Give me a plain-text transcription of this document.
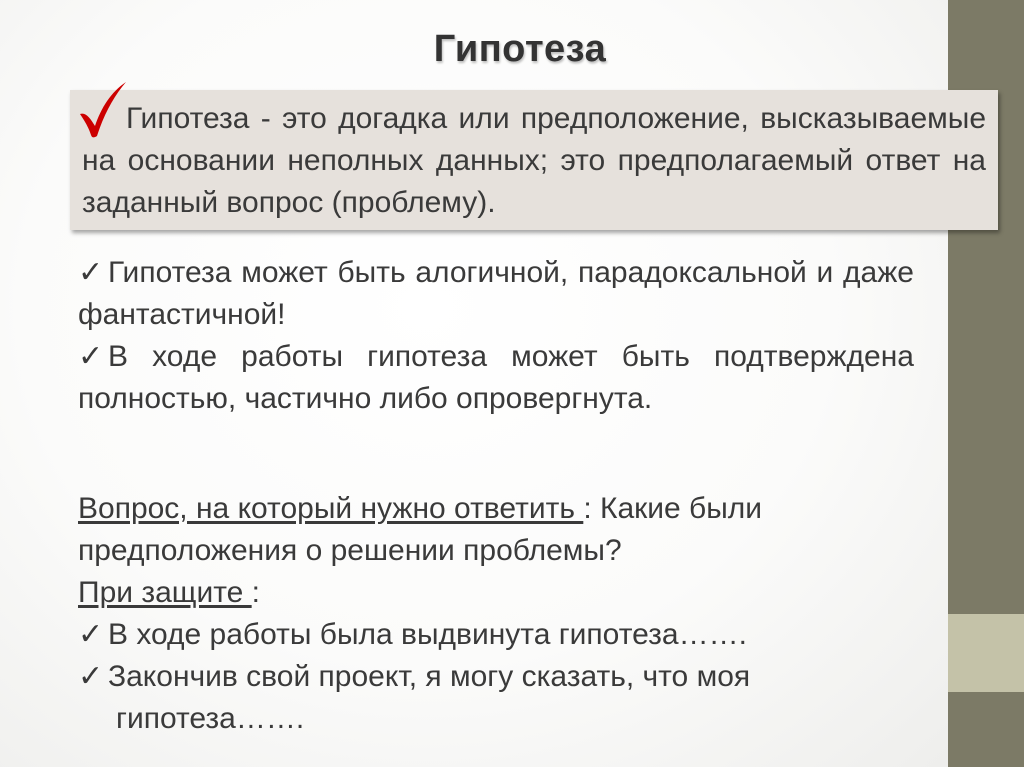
Гипотеза
Гипотеза - это догадка или предположение, высказываемые на основании неполных данных; это предполагаемый ответ на заданный вопрос (проблему).
✓ Гипотеза может быть алогичной, парадоксальной и даже фантастичной!
✓ В ходе работы гипотеза может быть подтверждена полностью, частично либо опровергнута.
Вопрос, на который нужно ответить : Какие были предположения о решении проблемы?
При защите :
✓ В ходе работы была выдвинута гипотеза…….
✓ Закончив свой проект, я могу сказать, что моя
гипотеза…….
